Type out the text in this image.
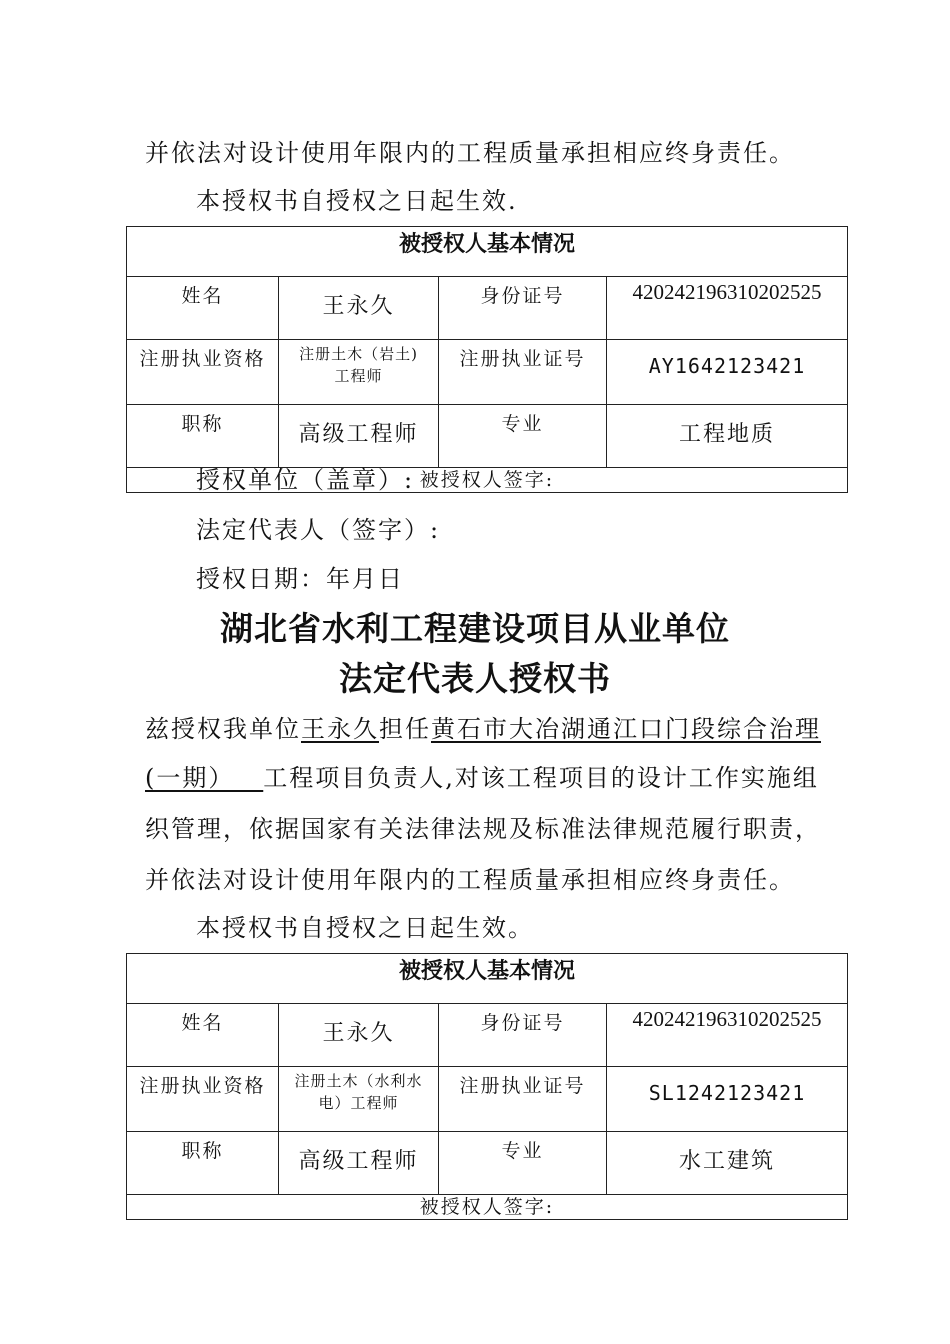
并依法对设计使用年限内的工程质量承担相应终身责任。
本授权书自授权之日起生效.
被授权人基本情况			
姓名	王永久	身份证号	420242196310202525
注册执业资格	注册土木（岩土)工程师	注册执业证号	AY1642123421
职称	高级工程师	专业	工程地质
被授权人签字:			
授权单位（盖章）:
法定代表人（签字）:
授权日期：年月日
湖北省水利工程建设项目从业单位
法定代表人授权书
兹授权我单位王永久担任黄石市大冶湖通江口门段综合治理
(一期）   工程项目负责人,对该工程项目的设计工作实施组
织管理，依据国家有关法律法规及标准法律规范履行职责，
并依法对设计使用年限内的工程质量承担相应终身责任。
本授权书自授权之日起生效。
被授权人基本情况			
姓名	王永久	身份证号	420242196310202525
注册执业资格	注册土木（水利水电）工程师	注册执业证号	SL1242123421
职称	高级工程师	专业	水工建筑
被授权人签字:			
